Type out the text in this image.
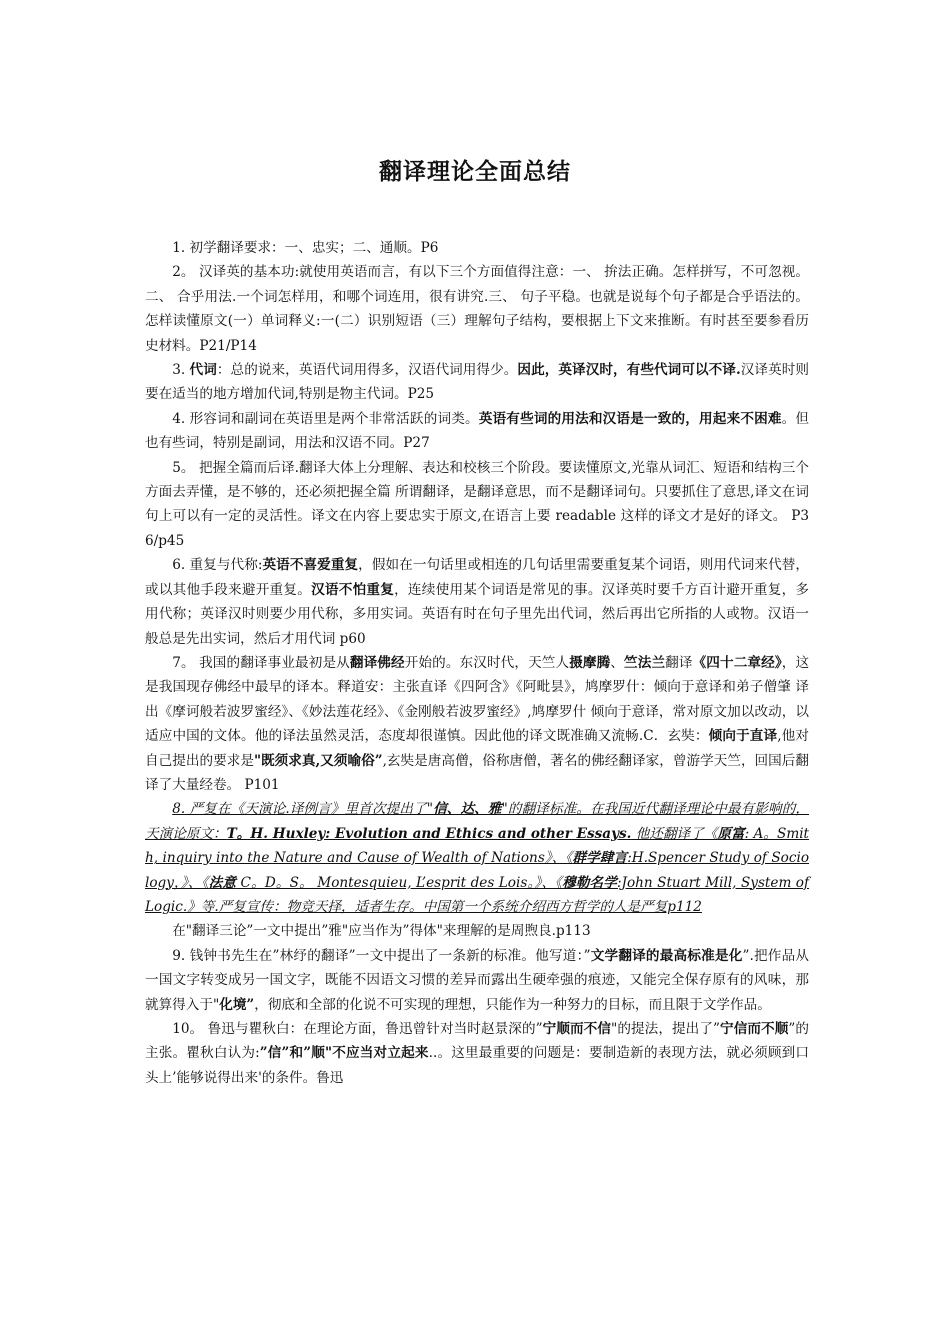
翻译理论全面总结

1. 初学翻译要求：一、忠实；二、通顺。P6

2。 汉译英的基本功:就使用英语而言，有以下三个方面值得注意：一、 拚法正确。怎样拼写，不可忽视。二、 合乎用法.一个词怎样用，和哪个词连用，很有讲究.三、 句子平稳。也就是说每个句子都是合乎语法的。怎样读懂原文(一）单词释义:一(二）识别短语（三）理解句子结构，要根据上下文来推断。有时甚至要参看历史材料。P21/P14

3. 代词：总的说来，英语代词用得多，汉语代词用得少。因此，英译汉时，有些代词可以不译.汉译英时则要在适当的地方增加代词,特别是物主代词。P25

4. 形容词和副词在英语里是两个非常活跃的词类。英语有些词的用法和汉语是一致的，用起来不困难。但也有些词，特别是副词，用法和汉语不同。P27

5。 把握全篇而后译.翻译大体上分理解、表达和校核三个阶段。要读懂原文,光靠从词汇、短语和结构三个方面去弄懂，是不够的，还必须把握全篇 所谓翻译，是翻译意思，而不是翻译词句。只要抓住了意思,译文在词句上可以有一定的灵活性。译文在内容上要忠实于原文,在语言上要 readable 这样的译文才是好的译文。 P36/p45

6. 重复与代称:英语不喜爱重复，假如在一句话里或相连的几句话里需要重复某个词语，则用代词来代替，或以其他手段来避开重复。汉语不怕重复，连续使用某个词语是常见的事。汉译英时要千方百计避开重复，多用代称；英译汉时则要少用代称，多用实词。英语有时在句子里先出代词，然后再出它所指的人或物。汉语一般总是先出实词，然后才用代词 p60

7。 我国的翻译事业最初是从翻译佛经开始的。东汉时代，天竺人摄摩腾、竺法兰翻译《四十二章经》，这是我国现存佛经中最早的译本。释道安：主张直译《四阿含》《阿毗昙》，鸠摩罗什：倾向于意译和弟子僧肇 译出《摩诃般若波罗蜜经》、《妙法莲花经》、《金刚般若波罗蜜经》,鸠摩罗什 倾向于意译，常对原文加以改动，以适应中国的文体。他的译法虽然灵活，态度却很谨慎。因此他的译文既准确又流畅.C．玄奘：倾向于直译,他对自己提出的要求是"既须求真,又须喻俗”,玄奘是唐高僧，俗称唐僧，著名的佛经翻译家，曾游学天竺，回国后翻译了大量经卷。 P101

8. 严复在《天演论.译例言》里首次提出了"信、达、雅"的翻译标准。在我国近代翻译理论中最有影响的，天演论原文：T。H. Huxley: Evolution and Ethics and other Essays. 他还翻译了《原富: A。Smith, inquiry into the Nature and Cause of Wealth of Nations》、《群学肆言:H.Spencer Study of Sociology，》、《法意 C。D。S。 Montesquieu, L’esprit des Lois。》、《穆勒名学:John Stuart Mill, System of Logic.》等.严复宣传：物竞天择，适者生存。中国第一个系统介绍西方哲学的人是严复p112

在"翻译三论”一文中提出”雅"应当作为”得体"来理解的是周煦良.p113

9. 钱钟书先生在”林纾的翻译”一文中提出了一条新的标准。他写道：”文学翻译的最高标准是化”.把作品从一国文字转变成另一国文字，既能不因语文习惯的差异而露出生硬牵强的痕迹，又能完全保存原有的风味，那就算得入于"化境”，彻底和全部的化说不可实现的理想，只能作为一种努力的目标，而且限于文学作品。

10。 鲁迅与瞿秋白：在理论方面，鲁迅曾针对当时赵景深的”宁顺而不信"的提法，提出了”宁信而不顺”的主张。瞿秋白认为:”信”和”顺"不应当对立起来..。这里最重要的问题是：要制造新的表现方法，就必须顾到口头上’能够说得出来'的条件。鲁迅
